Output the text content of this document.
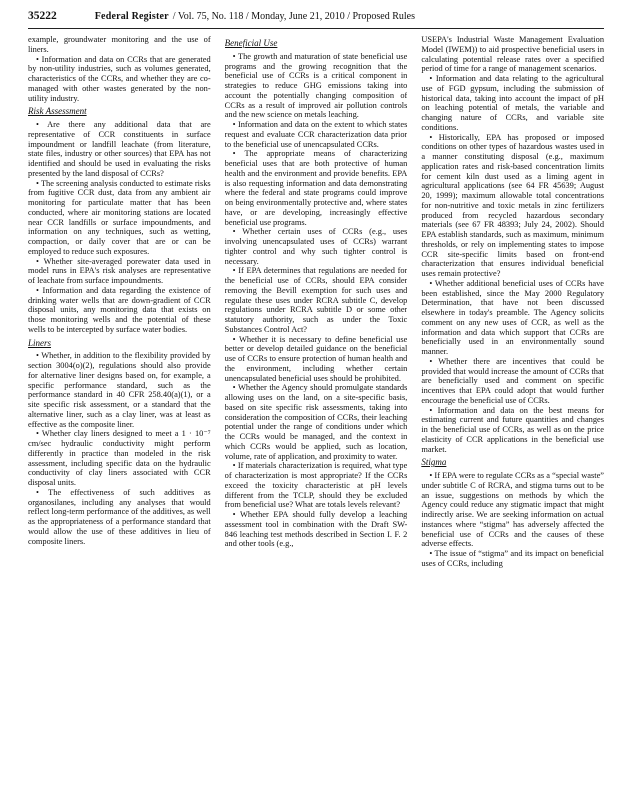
35222	Federal Register / Vol. 75, No. 118 / Monday, June 21, 2010 / Proposed Rules

example, groundwater monitoring and the use of liners.

• Information and data on CCRs that are generated by non-utility industries, such as volumes generated, characteristics of the CCRs, and whether they are co-managed with other wastes generated by the non-utility industry.

Risk Assessment

• Are there any additional data that are representative of CCR constituents in surface impoundment or landfill leachate (from literature, state files, industry or other sources) that EPA has not identified and should be used in evaluating the risks presented by the land disposal of CCRs?

• The screening analysis conducted to estimate risks from fugitive CCR dust, data from any ambient air monitoring for particulate matter that has been conducted, where air monitoring stations are located near CCR landfills or surface impoundments, and information on any techniques, such as wetting, compaction, or daily cover that are or can be employed to reduce such exposures.

• Whether site-averaged porewater data used in model runs in EPA's risk analyses are representative of leachate from surface impoundments.

• Information and data regarding the existence of drinking water wells that are down-gradient of CCR disposal units, any monitoring data that exists on those monitoring wells and the potential of these wells to be intercepted by surface water bodies.

Liners

• Whether, in addition to the flexibility provided by section 3004(o)(2), regulations should also provide for alternative liner designs based on, for example, a specific performance standard, such as the performance standard in 40 CFR 258.40(a)(1), or a site specific risk assessment, or a standard that the alternative liner, such as a clay liner, was at least as effective as the composite liner.

• Whether clay liners designed to meet a 1 · 10⁻⁷ cm/sec hydraulic conductivity might perform differently in practice than modeled in the risk assessment, including specific data on the hydraulic conductivity of clay liners associated with CCR disposal units.

• The effectiveness of such additives as organosilanes, including any analyses that would reflect long-term performance of the additives, as well as the appropriateness of a performance standard that would allow the use of these additives in lieu of composite liners.

Beneficial Use

• The growth and maturation of state beneficial use programs and the growing recognition that the beneficial use of CCRs is a critical component in strategies to reduce GHG emissions taking into account the potentially changing composition of CCRs as a result of improved air pollution controls and the new science on metals leaching.

• Information and data on the extent to which states request and evaluate CCR characterization data prior to the beneficial use of unencapsulated CCRs.

• The appropriate means of characterizing beneficial uses that are both protective of human health and the environment and provide benefits. EPA is also requesting information and data demonstrating where the federal and state programs could improve on being environmentally protective and, where states have, or are developing, increasingly effective beneficial use programs.

• Whether certain uses of CCRs (e.g., uses involving unencapsulated uses of CCRs) warrant tighter control and why such tighter control is necessary.

• If EPA determines that regulations are needed for the beneficial use of CCRs, should EPA consider removing the Bevill exemption for such uses and regulate these uses under RCRA subtitle C, develop regulations under RCRA subtitle D or some other statutory authority, such as under the Toxic Substances Control Act?

• Whether it is necessary to define beneficial use better or develop detailed guidance on the beneficial use of CCRs to ensure protection of human health and the environment, including whether certain unencapsulated beneficial uses should be prohibited.

• Whether the Agency should promulgate standards allowing uses on the land, on a site-specific basis, based on site specific risk assessments, taking into consideration the composition of CCRs, their leaching potential under the range of conditions under which the CCRs would be managed, and the context in which CCRs would be applied, such as location, volume, rate of application, and proximity to water.

• If materials characterization is required, what type of characterization is most appropriate? If the CCRs exceed the toxicity characteristic at pH levels different from the TCLP, should they be excluded from beneficial use? What are totals levels relevant?

• Whether EPA should fully develop a leaching assessment tool in combination with the Draft SW-846 leaching test methods described in Section I. F. 2 and other tools (e.g.,

USEPA's Industrial Waste Management Evaluation Model (IWEM)) to aid prospective beneficial users in calculating potential release rates over a specified period of time for a range of management scenarios.

• Information and data relating to the agricultural use of FGD gypsum, including the submission of historical data, taking into account the impact of pH on leaching potential of metals, the variable and changing nature of CCRs, and variable site conditions.

• Historically, EPA has proposed or imposed conditions on other types of hazardous wastes used in a manner constituting disposal (e.g., maximum application rates and risk-based concentration limits for cement kiln dust used as a liming agent in agricultural applications (see 64 FR 45639; August 20, 1999); maximum allowable total concentrations for non-nutritive and toxic metals in zinc fertilizers produced from recycled hazardous secondary materials (see 67 FR 48393; July 24, 2002). Should EPA establish standards, such as maximum, minimum thresholds, or rely on implementing states to impose CCR site-specific limits based on front-end characterization that ensures individual beneficial uses remain protective?

• Whether additional beneficial uses of CCRs have been established, since the May 2000 Regulatory Determination, that have not been discussed elsewhere in today's preamble. The Agency solicits comment on any new uses of CCR, as well as the information and data which support that CCRs are beneficially used in an environmentally sound manner.

• Whether there are incentives that could be provided that would increase the amount of CCRs that are beneficially used and comment on specific incentives that EPA could adopt that would further encourage the beneficial use of CCRs.

• Information and data on the best means for estimating current and future quantities and changes in the beneficial use of CCRs, as well as on the price elasticity of CCR applications in the beneficial use market.

Stigma

• If EPA were to regulate CCRs as a “special waste” under subtitle C of RCRA, and stigma turns out to be an issue, suggestions on methods by which the Agency could reduce any stigmatic impact that might indirectly arise. We are seeking information on actual instances where “stigma” has adversely affected the beneficial use of CCRs and the causes of these adverse effects.

• The issue of “stigma” and its impact on beneficial uses of CCRs, including
